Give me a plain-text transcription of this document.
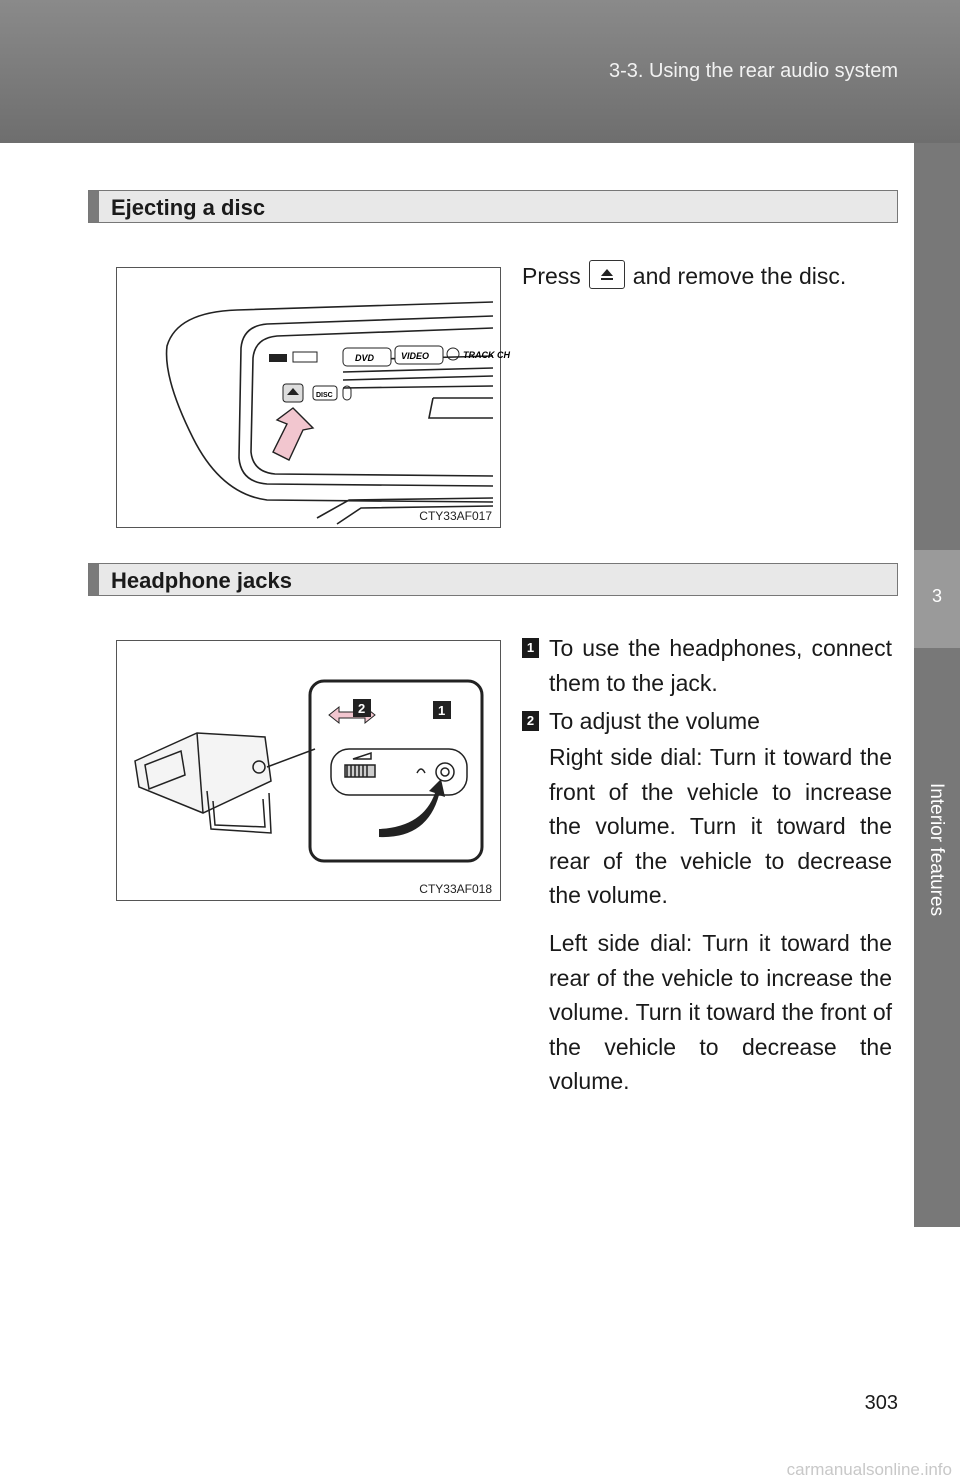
3-3. Using the rear audio system
3
Interior features
Ejecting a disc
DVD	VIDEO	TRACK CH
DISC
CTY33AF017
Press and remove the disc.
Headphone jacks
2	1
CTY33AF018
1 To use the headphones, connect them to the jack.
2 To adjust the volume
Right side dial: Turn it toward the front of the vehicle to increase the volume. Turn it toward the rear of the vehicle to decrease the volume.
Left side dial: Turn it toward the rear of the vehicle to increase the volume. Turn it toward the front of the vehicle to decrease the volume.
303
carmanualsonline.info
